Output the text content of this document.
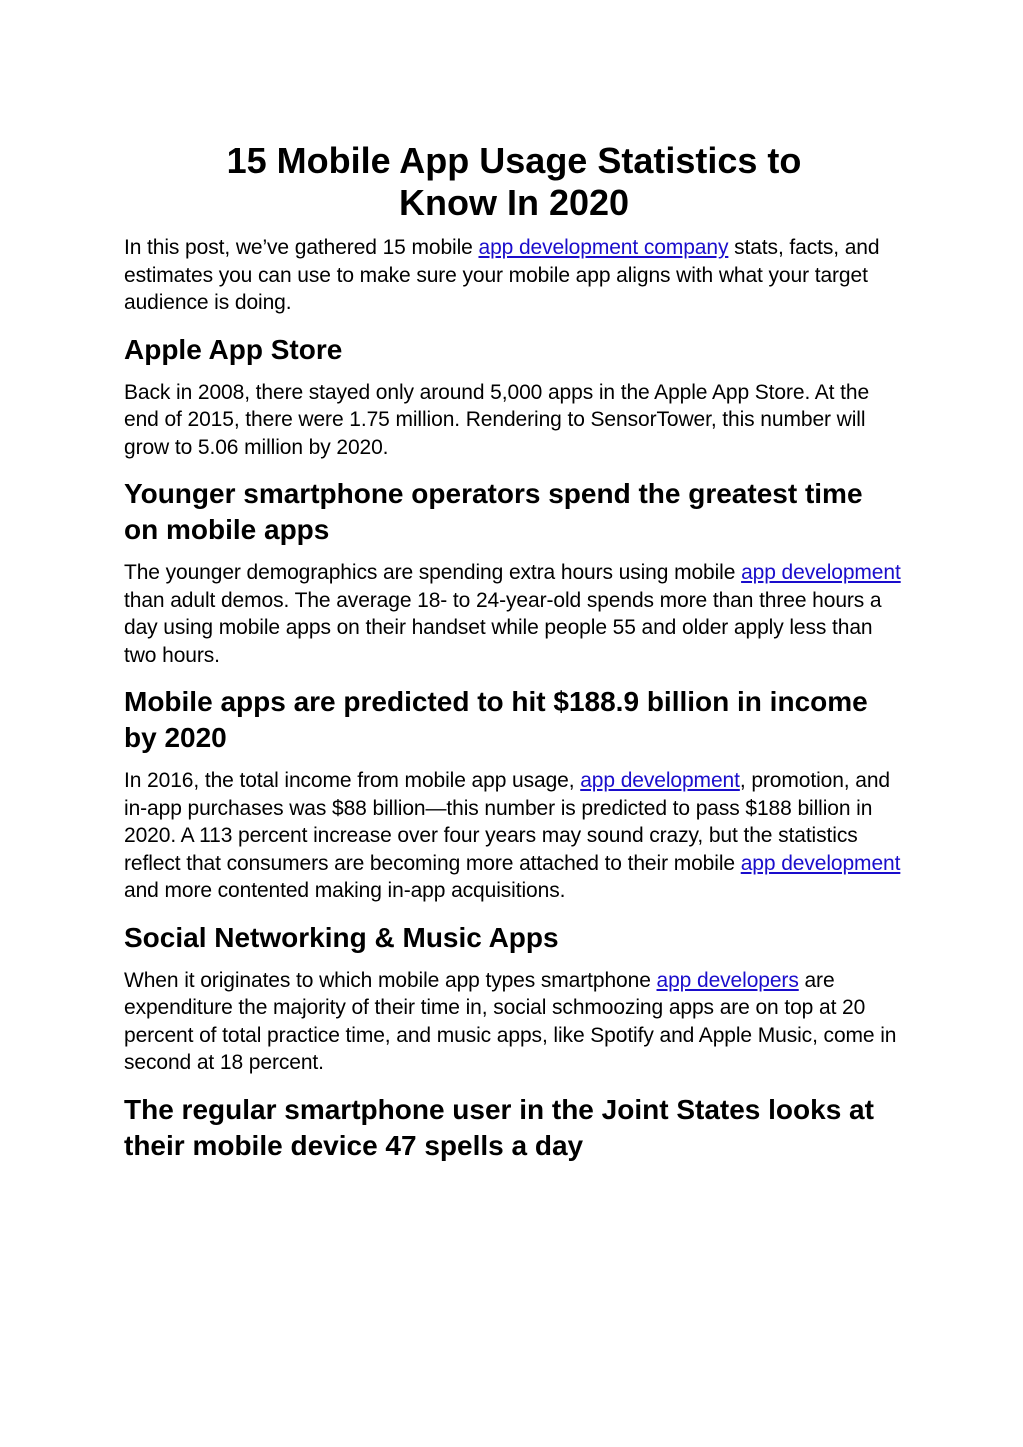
15 Mobile App Usage Statistics to
Know In 2020

In this post, we’ve gathered 15 mobile app development company stats, facts, and estimates you can use to make sure your mobile app aligns with what your target audience is doing.

Apple App Store

Back in 2008, there stayed only around 5,000 apps in the Apple App Store. At the end of 2015, there were 1.75 million. Rendering to SensorTower, this number will grow to 5.06 million by 2020.

Younger smartphone operators spend the greatest time on mobile apps

The younger demographics are spending extra hours using mobile app development than adult demos. The average 18- to 24-year-old spends more than three hours a day using mobile apps on their handset while people 55 and older apply less than two hours.

Mobile apps are predicted to hit $188.9 billion in income by 2020

In 2016, the total income from mobile app usage, app development, promotion, and in-app purchases was $88 billion—this number is predicted to pass $188 billion in 2020. A 113 percent increase over four years may sound crazy, but the statistics reflect that consumers are becoming more attached to their mobile app development and more contented making in-app acquisitions.

Social Networking & Music Apps

When it originates to which mobile app types smartphone app developers are expenditure the majority of their time in, social schmoozing apps are on top at 20 percent of total practice time, and music apps, like Spotify and Apple Music, come in second at 18 percent.

The regular smartphone user in the Joint States looks at their mobile device 47 spells a day
